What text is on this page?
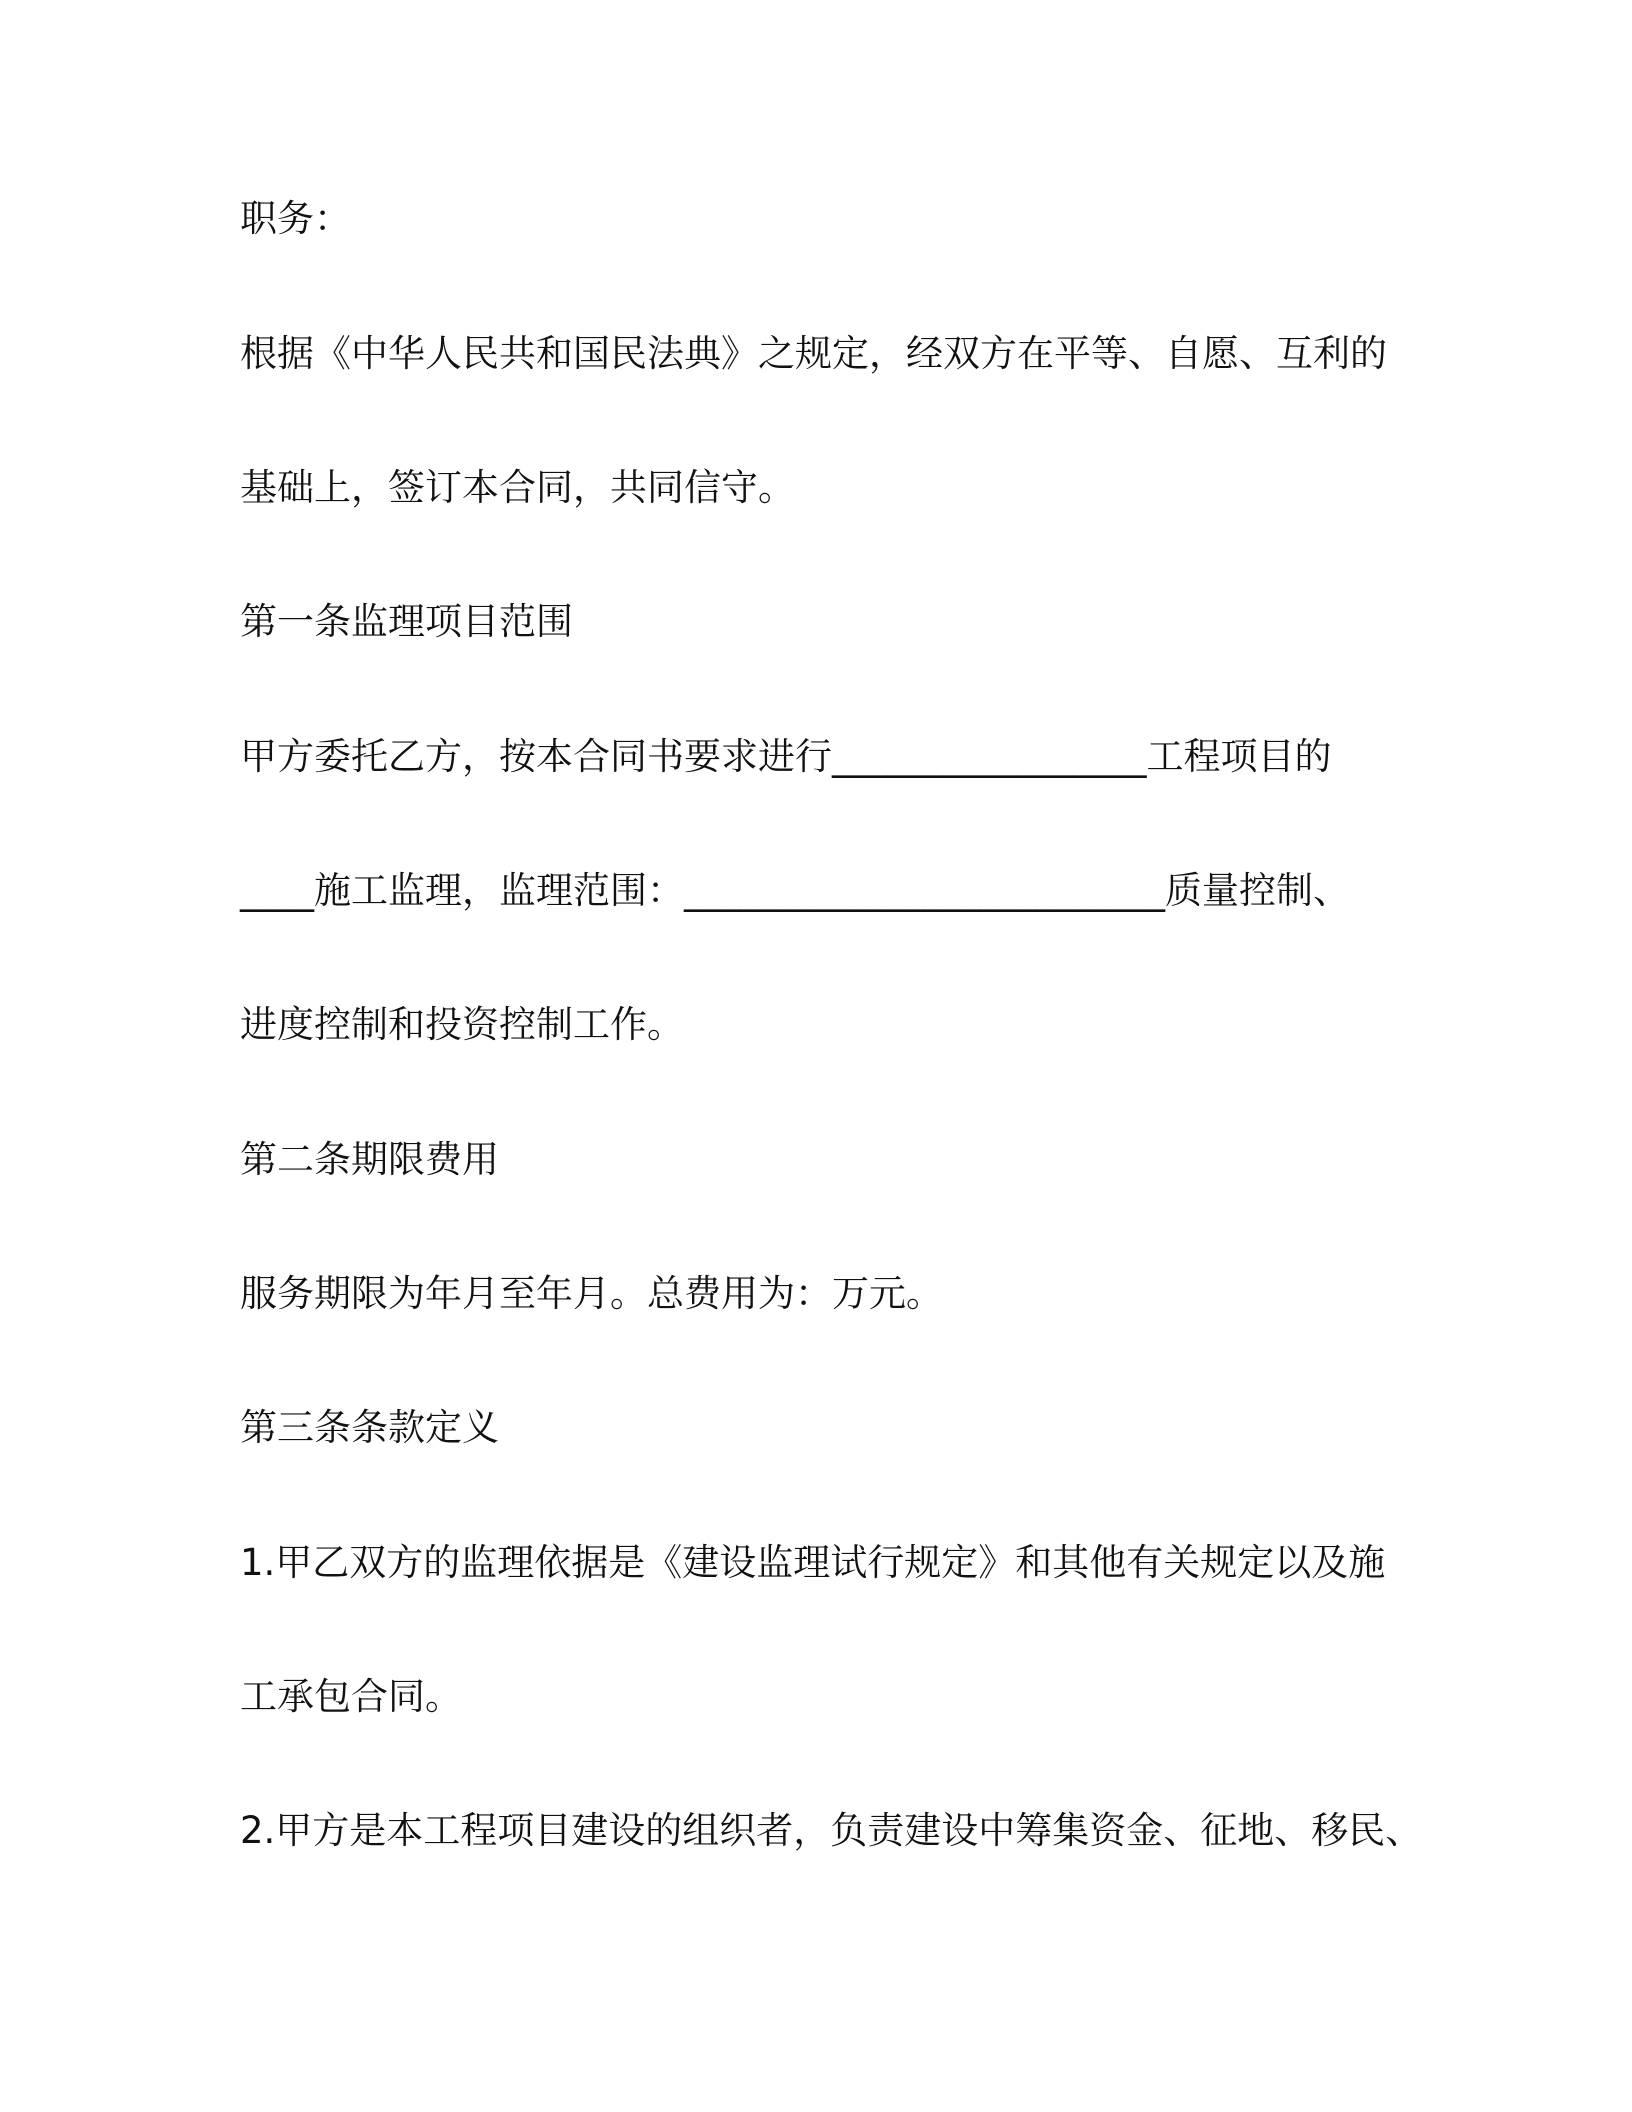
职务：

根据《中华人民共和国民法典》之规定，经双方在平等、自愿、互利的

基础上，签订本合同，共同信守。

第一条监理项目范围

甲方委托乙方，按本合同书要求进行_________________工程项目的

____施工监理，监理范围：__________________________质量控制、

进度控制和投资控制工作。

第二条期限费用

服务期限为年月至年月。总费用为：万元。

第三条条款定义

1.甲乙双方的监理依据是《建设监理试行规定》和其他有关规定以及施

工承包合同。

2.甲方是本工程项目建设的组织者，负责建设中筹集资金、征地、移民、
